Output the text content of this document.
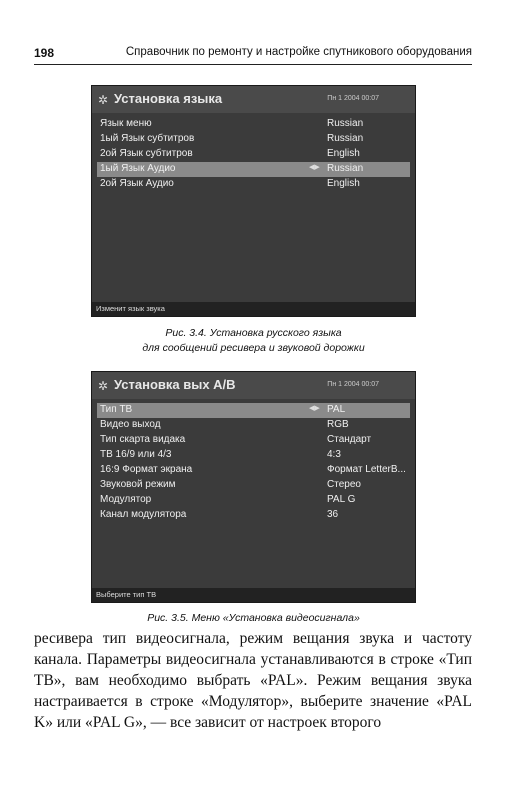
198	Справочник по ремонту и настройке спутникового оборудования
✲ Установка языка	Пн 1 2004 00:07
Язык меню	Russian
1ый Язык субтитров	Russian
2ой Язык субтитров	English
1ый Язык Аудио	◀▶ Russian
2ой Язык Аудио	English
Изменит язык звука
Рис. 3.4. Установка русского языка
для сообщений ресивера и звуковой дорожки
✲ Установка вых А/В	Пн 1 2004 00:07
Тип ТВ	◀▶ PAL
Видео выход	RGB
Тип скарта видака	Стандарт
ТВ 16/9 или 4/3	4:3
16:9 Формат экрана	Формат LetterB...
Звуковой режим	Стерео
Модулятор	PAL G
Канал модулятора	36
Выберите тип ТВ
Рис. 3.5. Меню «Установка видеосигнала»

ресивера тип видеосигнала, режим вещания звука и частоту канала. Параметры видеосигнала устанавливаются в строке «Тип ТВ», вам необходимо выбрать «PAL». Режим вещания звука настраивается в строке «Модулятор», выберите значение «PAL K» или «PAL G», — все зависит от настроек второго
